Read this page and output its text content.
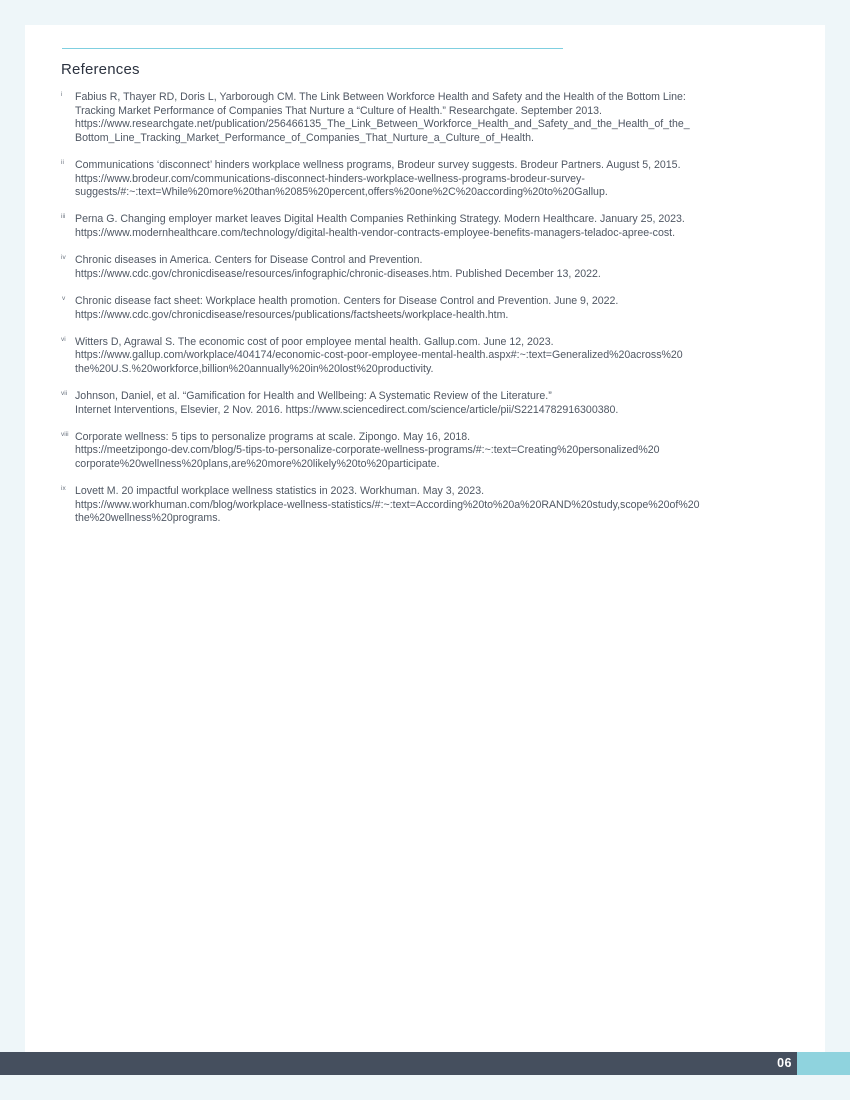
References
i Fabius R, Thayer RD, Doris L, Yarborough CM. The Link Between Workforce Health and Safety and the Health of the Bottom Line:
Tracking Market Performance of Companies That Nurture a “Culture of Health.” Researchgate. September 2013.
https://www.researchgate.net/publication/256466135_The_Link_Between_Workforce_Health_and_Safety_and_the_Health_of_the_
Bottom_Line_Tracking_Market_Performance_of_Companies_That_Nurture_a_Culture_of_Health.
ii Communications ‘disconnect’ hinders workplace wellness programs, Brodeur survey suggests. Brodeur Partners. August 5, 2015.
https://www.brodeur.com/communications-disconnect-hinders-workplace-wellness-programs-brodeur-survey-
suggests/#:~:text=While%20more%20than%2085%20percent,offers%20one%2C%20according%20to%20Gallup.
iii Perna G. Changing employer market leaves Digital Health Companies Rethinking Strategy. Modern Healthcare. January 25, 2023.
https://www.modernhealthcare.com/technology/digital-health-vendor-contracts-employee-benefits-managers-teladoc-apree-cost.
iv Chronic diseases in America. Centers for Disease Control and Prevention.
https://www.cdc.gov/chronicdisease/resources/infographic/chronic-diseases.htm. Published December 13, 2022.
v Chronic disease fact sheet: Workplace health promotion. Centers for Disease Control and Prevention. June 9, 2022.
https://www.cdc.gov/chronicdisease/resources/publications/factsheets/workplace-health.htm.
vi Witters D, Agrawal S. The economic cost of poor employee mental health. Gallup.com. June 12, 2023.
https://www.gallup.com/workplace/404174/economic-cost-poor-employee-mental-health.aspx#:~:text=Generalized%20across%20
the%20U.S.%20workforce,billion%20annually%20in%20lost%20productivity.
vii Johnson, Daniel, et al. “Gamification for Health and Wellbeing: A Systematic Review of the Literature.”
Internet Interventions, Elsevier, 2 Nov. 2016. https://www.sciencedirect.com/science/article/pii/S2214782916300380.
viii Corporate wellness: 5 tips to personalize programs at scale. Zipongo. May 16, 2018.
https://meetzipongo-dev.com/blog/5-tips-to-personalize-corporate-wellness-programs/#:~:text=Creating%20personalized%20
corporate%20wellness%20plans,are%20more%20likely%20to%20participate.
ix Lovett M. 20 impactful workplace wellness statistics in 2023. Workhuman. May 3, 2023.
https://www.workhuman.com/blog/workplace-wellness-statistics/#:~:text=According%20to%20a%20RAND%20study,scope%20of%20
the%20wellness%20programs.
06
